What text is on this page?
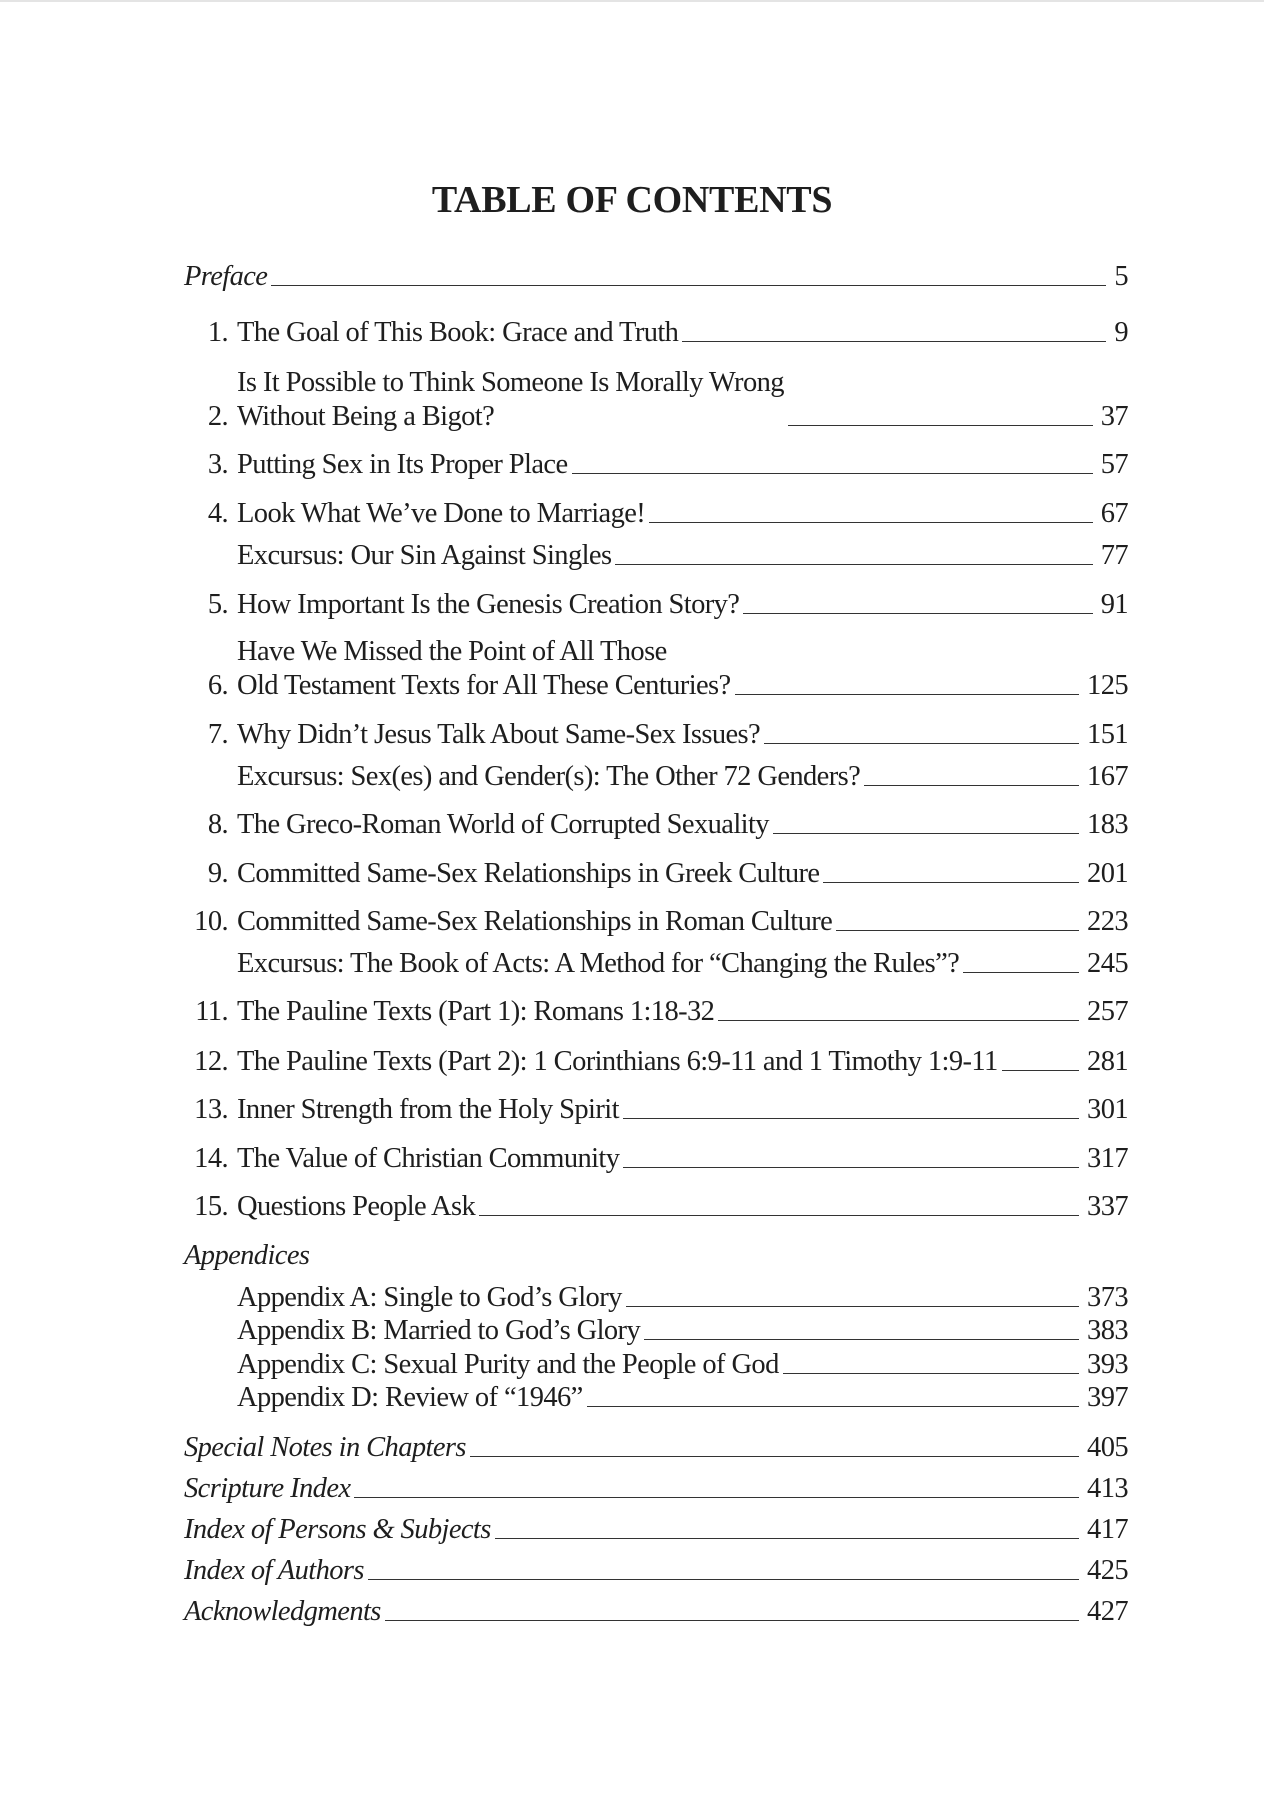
TABLE OF CONTENTS
Preface	5
1. The Goal of This Book: Grace and Truth	9
2.
Is It Possible to Think Someone Is Morally Wrong
Without Being a Bigot?	37
3. Putting Sex in Its Proper Place	57
4. Look What We’ve Done to Marriage!	67
Excursus: Our Sin Against Singles	77
5. How Important Is the Genesis Creation Story?	91
6.
Have We Missed the Point of All Those
Old Testament Texts for All These Centuries?	125
7. Why Didn’t Jesus Talk About Same-Sex Issues?	151
Excursus: Sex(es) and Gender(s): The Other 72 Genders?	167
8. The Greco-Roman World of Corrupted Sexuality	183
9. Committed Same-Sex Relationships in Greek Culture	201
10. Committed Same-Sex Relationships in Roman Culture	223
Excursus: The Book of Acts: A Method for “Changing the Rules”?	245
11. The Pauline Texts (Part 1): Romans 1:18-32	257
12. The Pauline Texts (Part 2): 1 Corinthians 6:9-11 and 1 Timothy 1:9-11	281
13. Inner Strength from the Holy Spirit	301
14. The Value of Christian Community	317
15. Questions People Ask	337
Appendices
Appendix A: Single to God’s Glory	373
Appendix B: Married to God’s Glory	383
Appendix C: Sexual Purity and the People of God	393
Appendix D: Review of “1946”	397
Special Notes in Chapters	405
Scripture Index	413
Index of Persons & Subjects	417
Index of Authors	425
Acknowledgments	427
